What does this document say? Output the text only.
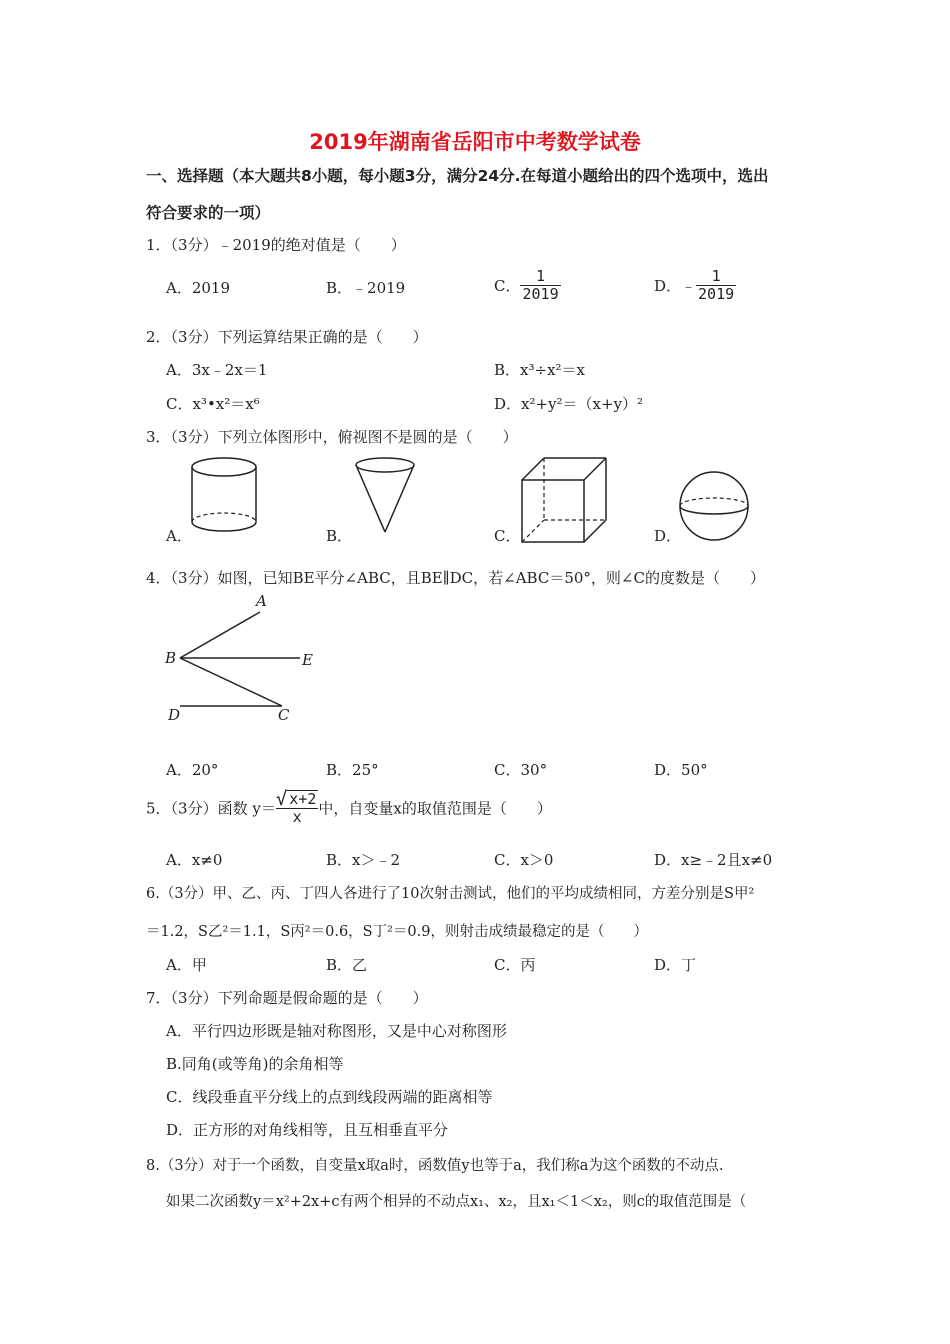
2019年湖南省岳阳市中考数学试卷
一、选择题（本大题共8小题，每小题3分，满分24分.在每道小题给出的四个选项中，选出
符合要求的一项）
1．（3分）﹣2019的绝对值是（　　）
A．2019	B．﹣2019	C． $\frac{1}{2019}$	D．﹣ $\frac{1}{2019}$
2．（3分）下列运算结果正确的是（　　）
A．3x﹣2x＝1	B．x³÷x²＝x
C．x³•x²＝x⁶	D．x²+y²＝（x+y）²
3．（3分）下列立体图形中，俯视图不是圆的是（　　）
A．	B．	C．	D．
4．（3分）如图，已知BE平分∠ABC，且BE∥DC，若∠ABC＝50°，则∠C的度数是（　　）
A
B	E
D	C
A．20°	B．25°	C．30°	D．50°
5．（3分）函数 $y= \frac{√ x+2}{x}$ 中，自变量x的取值范围是（　　）
A．x≠0	B．x＞﹣2	C．x＞0	D．x≥﹣2且x≠0
6.（3分）甲、乙、丙、丁四人各进行了10次射击测试，他们的平均成绩相同，方差分别是S甲²
＝1.2，S乙²＝1.1，S丙²＝0.6，S丁²＝0.9，则射击成绩最稳定的是（　　）
A．甲	B．乙	C．丙	D．丁
7．（3分）下列命题是假命题的是（　　）
A．平行四边形既是轴对称图形，又是中心对称图形
B.同角(或等角)的余角相等
C．线段垂直平分线上的点到线段两端的距离相等
D．正方形的对角线相等，且互相垂直平分
8.（3分）对于一个函数，自变量x取a时，函数值y也等于a，我们称a为这个函数的不动点.
如果二次函数y＝x²+2x+c有两个相异的不动点x₁、x₂，且x₁＜1＜x₂，则c的取值范围是（
